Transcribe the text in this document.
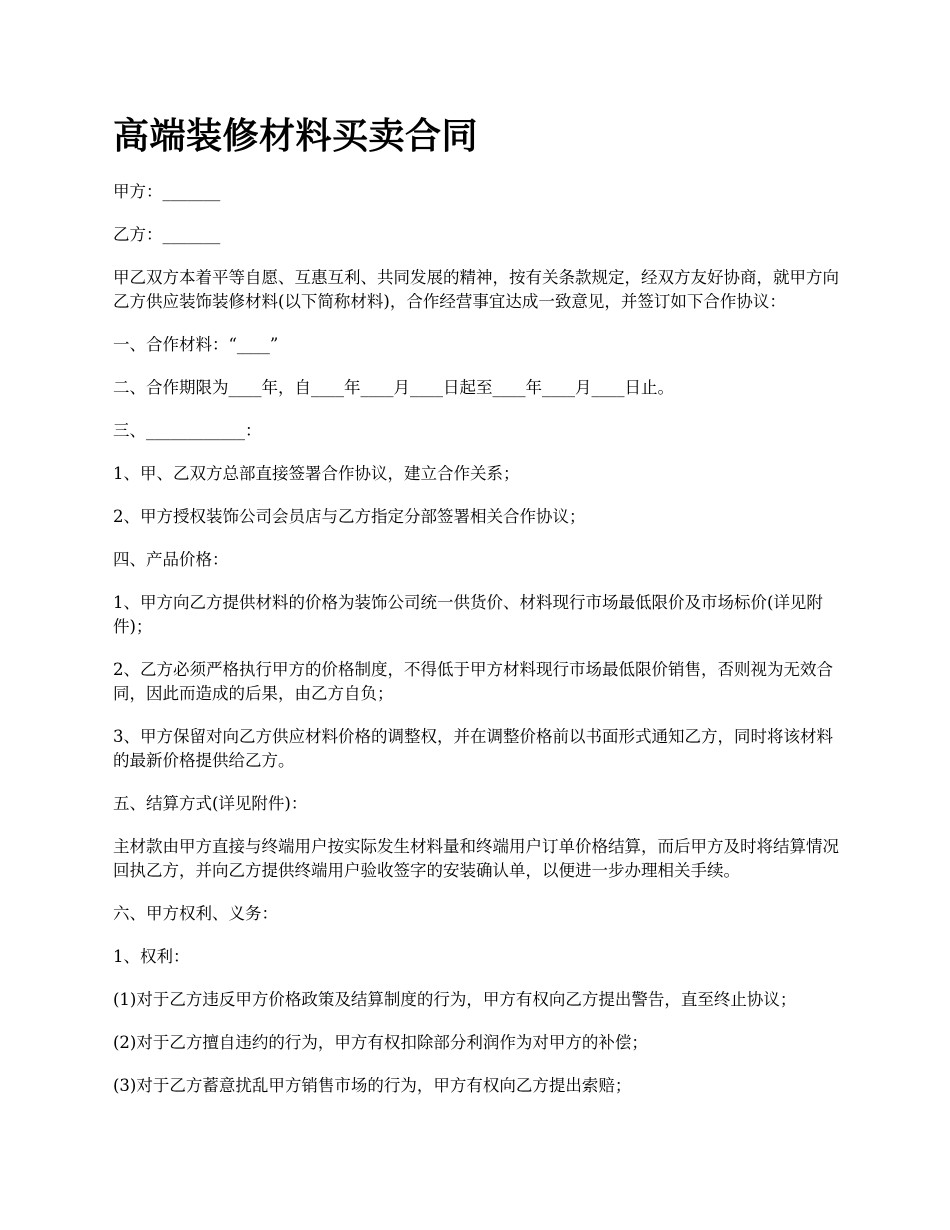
高端装修材料买卖合同

甲方：_______

乙方：_______

甲乙双方本着平等自愿、互惠互利、共同发展的精神，按有关条款规定，经双方友好协商，就甲方向乙方供应装饰装修材料(以下简称材料)，合作经营事宜达成一致意见，并签订如下合作协议：

一、合作材料：“____”

二、合作期限为____年，自____年____月____日起至____年____月____日止。

三、____________：

1、甲、乙双方总部直接签署合作协议，建立合作关系；

2、甲方授权装饰公司会员店与乙方指定分部签署相关合作协议；

四、产品价格：

1、甲方向乙方提供材料的价格为装饰公司统一供货价、材料现行市场最低限价及市场标价(详见附件)；

2、乙方必须严格执行甲方的价格制度，不得低于甲方材料现行市场最低限价销售，否则视为无效合同，因此而造成的后果，由乙方自负；

3、甲方保留对向乙方供应材料价格的调整权，并在调整价格前以书面形式通知乙方，同时将该材料的最新价格提供给乙方。

五、结算方式(详见附件)：

主材款由甲方直接与终端用户按实际发生材料量和终端用户订单价格结算，而后甲方及时将结算情况回执乙方，并向乙方提供终端用户验收签字的安装确认单，以便进一步办理相关手续。

六、甲方权利、义务：

1、权利：

(1)对于乙方违反甲方价格政策及结算制度的行为，甲方有权向乙方提出警告，直至终止协议；

(2)对于乙方擅自违约的行为，甲方有权扣除部分利润作为对甲方的补偿；

(3)对于乙方蓄意扰乱甲方销售市场的行为，甲方有权向乙方提出索赔；
